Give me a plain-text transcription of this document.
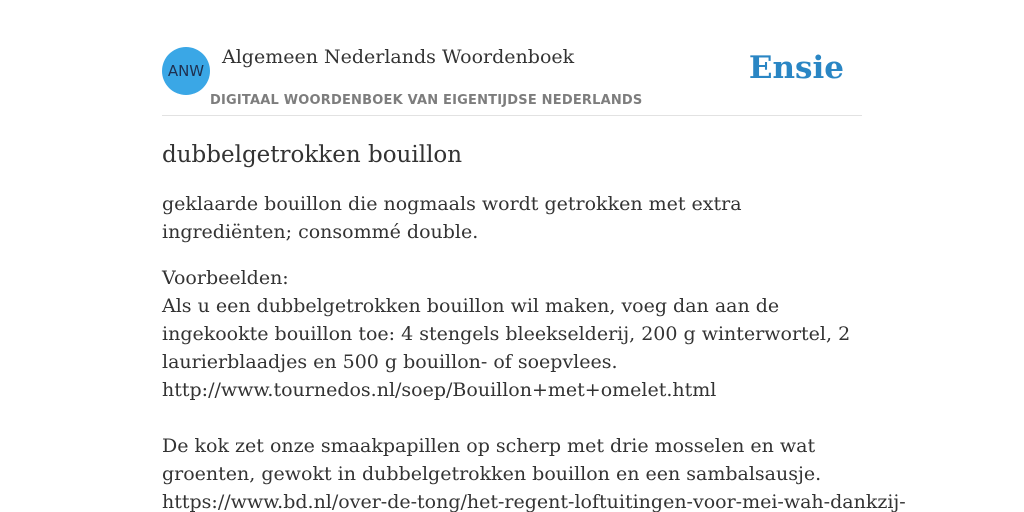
ANW
Algemeen Nederlands Woordenboek
DIGITAAL WOORDENBOEK VAN EIGENTIJDSE NEDERLANDS
Ensie
dubbelgetrokken bouillon

geklaarde bouillon die nogmaals wordt getrokken met extra ingrediënten; consommé double.

Voorbeelden:

Als u een dubbelgetrokken bouillon wil maken, voeg dan aan de ingekookte bouillon toe: 4 stengels bleekselderij, 200 g winterwortel, 2 laurierblaadjes en 500 g bouillon- of soepvlees.

http://www.tournedos.nl/soep/Bouillon+met+omelet.html

De kok zet onze smaakpapillen op scherp met drie mosselen en wat groenten, gewokt in dubbelgetrokken bouillon en een sambalsausje.

https://www.bd.nl/over-de-tong/het-regent-loftuitingen-voor-mei-wah-dankzij-
